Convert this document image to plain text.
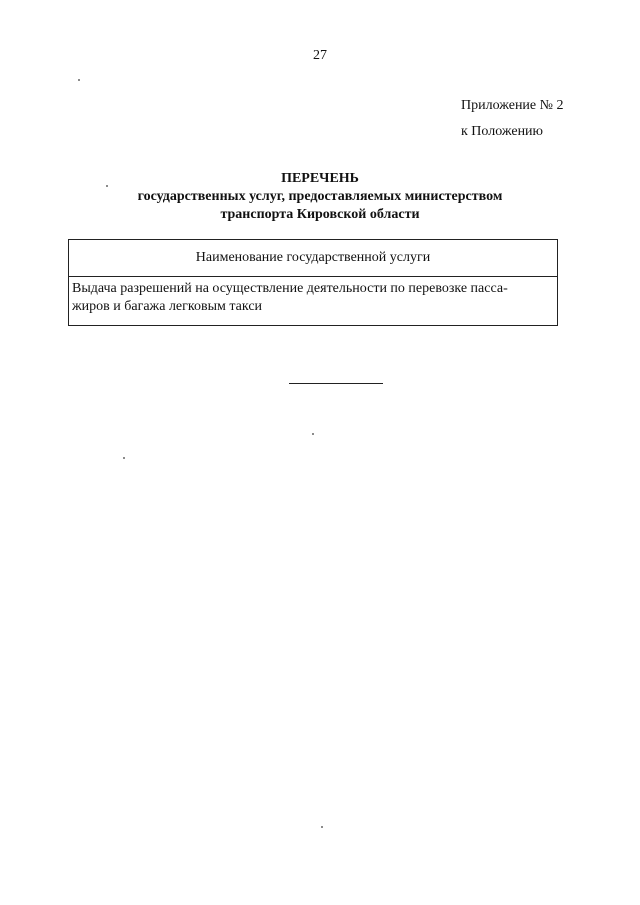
27
Приложение № 2
к Положению
ПЕРЕЧЕНЬ
государственных услуг, предоставляемых министерством
транспорта Кировской области
Наименование государственной услуги

Выдача разрешений на осуществление деятельности по перевозке пасса-
жиров и багажа легковым такси
